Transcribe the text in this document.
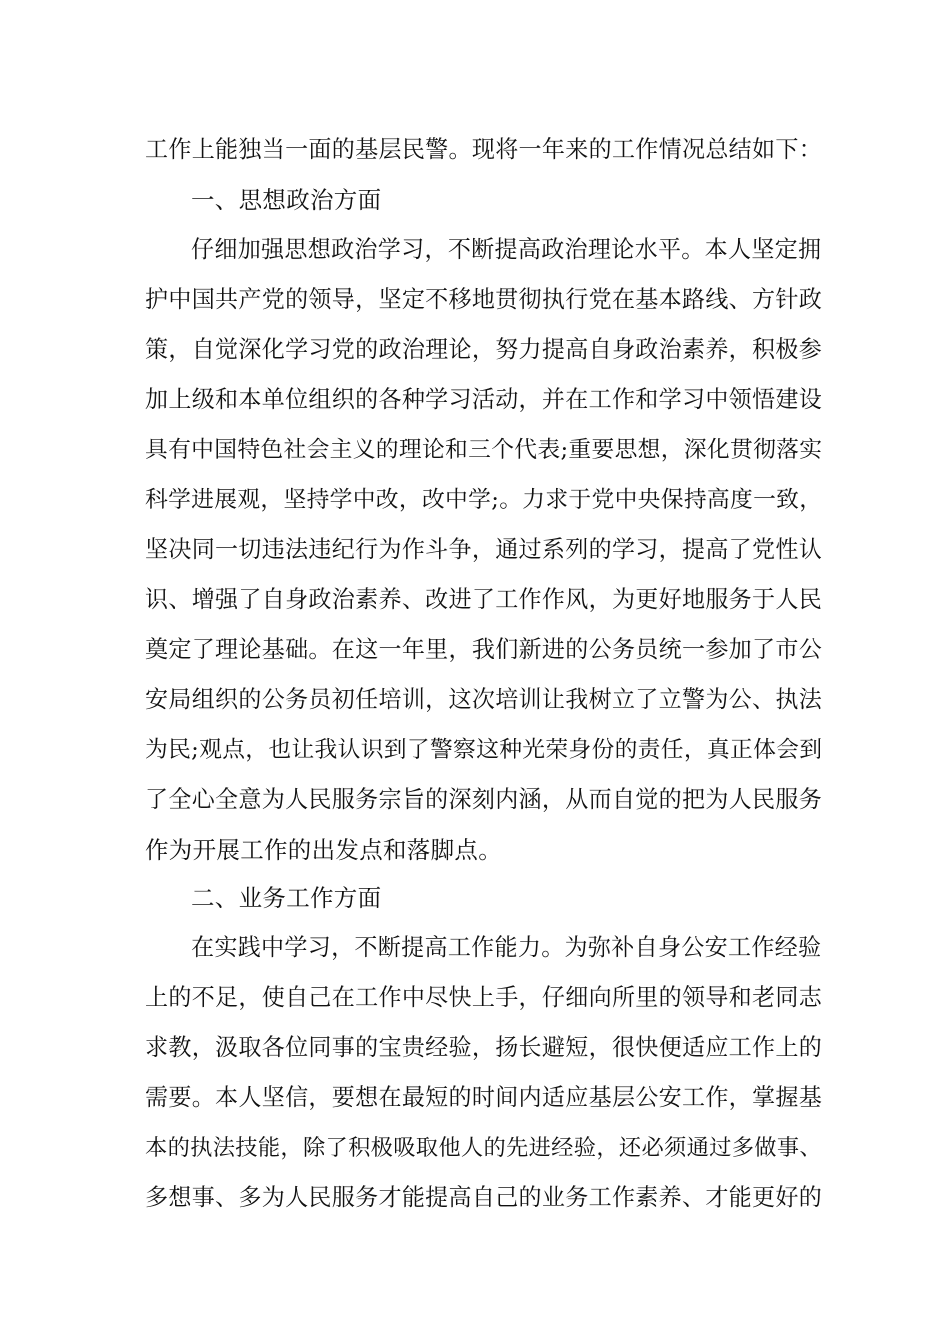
工作上能独当一面的基层民警。现将一年来的工作情况总结如下：
一、思想政治方面
仔细加强思想政治学习，不断提高政治理论水平。本人坚定拥
护中国共产党的领导，坚定不移地贯彻执行党在基本路线、方针政
策，自觉深化学习党的政治理论，努力提高自身政治素养，积极参
加上级和本单位组织的各种学习活动，并在工作和学习中领悟建设
具有中国特色社会主义的理论和三个代表;重要思想，深化贯彻落实
科学进展观，坚持学中改，改中学;。力求于党中央保持高度一致，
坚决同一切违法违纪行为作斗争，通过系列的学习，提高了党性认
识、增强了自身政治素养、改进了工作作风，为更好地服务于人民
奠定了理论基础。在这一年里，我们新进的公务员统一参加了市公
安局组织的公务员初任培训，这次培训让我树立了立警为公、执法
为民;观点，也让我认识到了警察这种光荣身份的责任，真正体会到
了全心全意为人民服务宗旨的深刻内涵，从而自觉的把为人民服务
作为开展工作的出发点和落脚点。
二、业务工作方面
在实践中学习，不断提高工作能力。为弥补自身公安工作经验
上的不足，使自己在工作中尽快上手，仔细向所里的领导和老同志
求教，汲取各位同事的宝贵经验，扬长避短，很快便适应工作上的
需要。本人坚信，要想在最短的时间内适应基层公安工作，掌握基
本的执法技能，除了积极吸取他人的先进经验，还必须通过多做事、
多想事、多为人民服务才能提高自己的业务工作素养、才能更好的
